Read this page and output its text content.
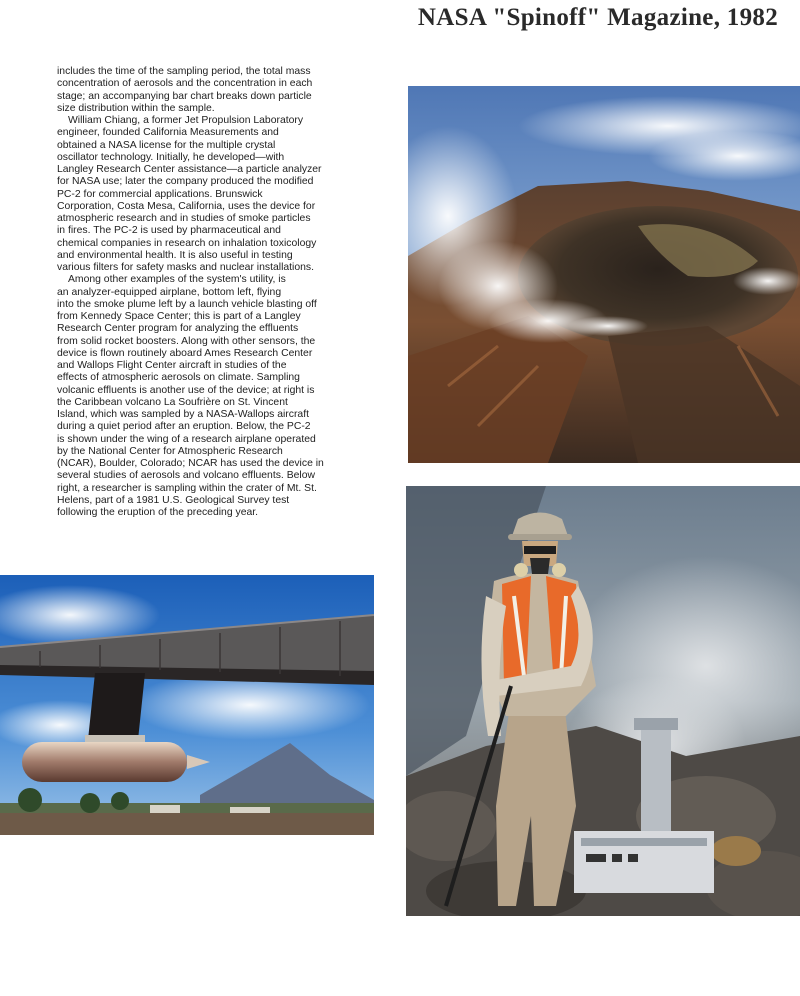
NASA "Spinoff" Magazine, 1982
includes the time of the sampling period, the total mass
concentration of aerosols and the concentration in each
stage; an accompanying bar chart breaks down particle
size distribution within the sample.
William Chiang, a former Jet Propulsion Laboratory
engineer, founded California Measurements and
obtained a NASA license for the multiple crystal
oscillator technology. Initially, he developed—with
Langley Research Center assistance—a particle analyzer
for NASA use; later the company produced the modified
PC-2 for commercial applications. Brunswick
Corporation, Costa Mesa, California, uses the device for
atmospheric research and in studies of smoke particles
in fires. The PC-2 is used by pharmaceutical and
chemical companies in research on inhalation toxicology
and environmental health. It is also useful in testing
various filters for safety masks and nuclear installations.
Among other examples of the system's utility, is
an analyzer-equipped airplane, bottom left, flying
into the smoke plume left by a launch vehicle blasting off
from Kennedy Space Center; this is part of a Langley
Research Center program for analyzing the effluents
from solid rocket boosters. Along with other sensors, the
device is flown routinely aboard Ames Research Center
and Wallops Flight Center aircraft in studies of the
effects of atmospheric aerosols on climate. Sampling
volcanic effluents is another use of the device; at right is
the Caribbean volcano La Soufrière on St. Vincent
Island, which was sampled by a NASA-Wallops aircraft
during a quiet period after an eruption. Below, the PC-2
is shown under the wing of a research airplane operated
by the National Center for Atmospheric Research
(NCAR), Boulder, Colorado; NCAR has used the device in
several studies of aerosols and volcano effluents. Below
right, a researcher is sampling within the crater of Mt. St.
Helens, part of a 1981 U.S. Geological Survey test
following the eruption of the preceding year.
